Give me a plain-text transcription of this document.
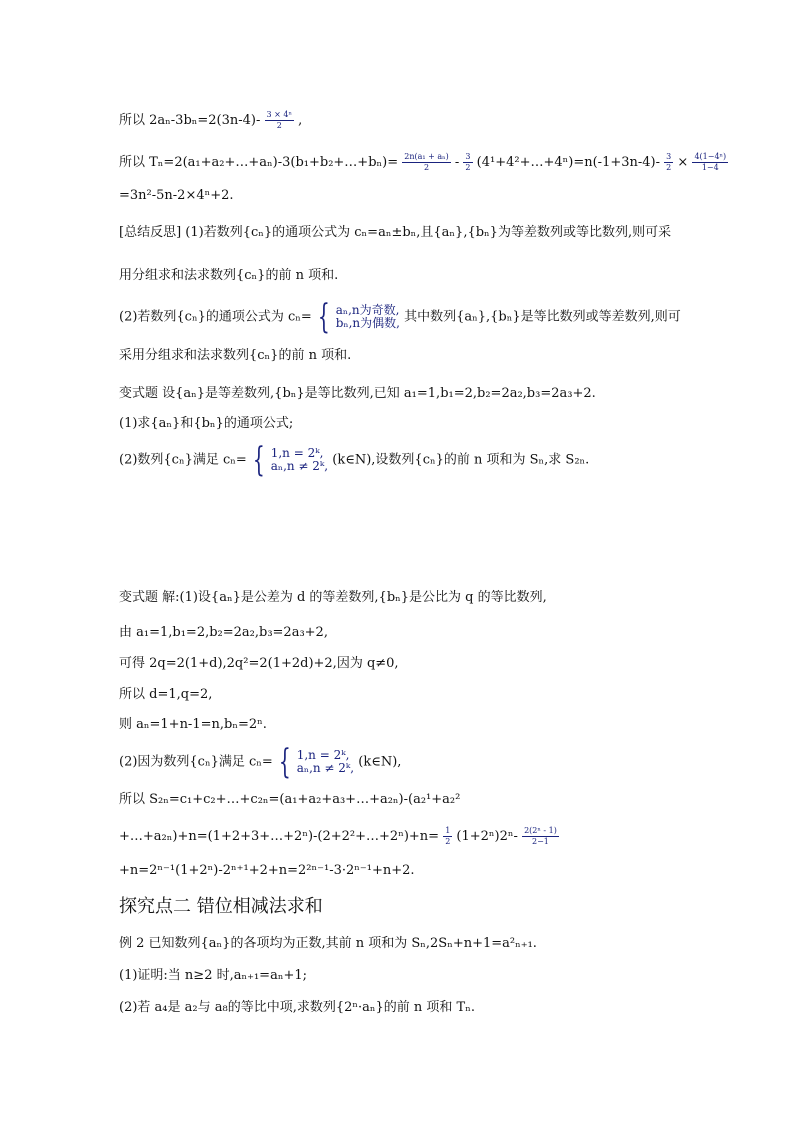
所以 $2a_n-3b_n=2(3n-4)- \frac{\text{3 × 4ⁿ}}{2}$ ,
所以 Tₙ=2(a₁+a₂+…+aₙ)-3(b₁+b₂+…+bₙ)= $\frac{\text{2n(a₁ + aₙ)}}{2} - \frac{3}{2}$ (4¹+4²+…+4ⁿ)=n(-1+3n-4)- $\frac{3}{2} \times \frac{\text{4(1−4ⁿ)}}{1-4}$
=3n²-5n-2×4ⁿ+2.
[总结反思] (1)若数列{cₙ}的通项公式为 cₙ=aₙ±bₙ,且{aₙ},{bₙ}为等差数列或等比数列,则可采
用分组求和法求数列{cₙ}的前 n 项和.
(2)若数列{cₙ}的通项公式为 cₙ= { aₙ,n为奇数,
bₙ,n为偶数, 其中数列{aₙ},{bₙ}是等比数列或等差数列,则可
采用分组求和法求数列{cₙ}的前 n 项和.
变式题 设{aₙ}是等差数列,{bₙ}是等比数列,已知 a₁=1,b₁=2,b₂=2a₂,b₃=2a₃+2.
(1)求{aₙ}和{bₙ}的通项公式;
(2)数列{cₙ}满足 cₙ= { 1,n = 2ᵏ,
aₙ,n ≠ 2ᵏ, (k∈N),设数列{cₙ}的前 n 项和为 Sₙ,求 S₂ₙ.
变式题 解:(1)设{aₙ}是公差为 d 的等差数列,{bₙ}是公比为 q 的等比数列,
由 a₁=1,b₁=2,b₂=2a₂,b₃=2a₃+2,
可得 2q=2(1+d),2q²=2(1+2d)+2,因为 q≠0,
所以 d=1,q=2,
则 aₙ=1+n-1=n,bₙ=2ⁿ.
(2)因为数列{cₙ}满足 cₙ= { 1,n = 2ᵏ,
aₙ,n ≠ 2ᵏ, (k∈N),
所以 S₂ₙ=c₁+c₂+…+c₂ₙ=(a₁+a₂+a₃+…+a₂ₙ)-(a₂¹+a₂²
+…+a₂ₙ)+n=(1+2+3+…+2ⁿ)-(2+2²+…+2ⁿ)+n= $\frac{1}{2} (1+2^n)2^n- \frac{\text{2(2ⁿ - 1)}}{2-1}$
+n=2ⁿ⁻¹(1+2ⁿ)-2ⁿ⁺¹+2+n=2²ⁿ⁻¹-3·2ⁿ⁻¹+n+2.
探究点二 错位相减法求和
例 2 已知数列{aₙ}的各项均为正数,其前 n 项和为 Sₙ,2Sₙ+n+1=a²ₙ₊₁.
(1)证明:当 n≥2 时,aₙ₊₁=aₙ+1;
(2)若 a₄是 a₂与 a₈的等比中项,求数列{2ⁿ·aₙ}的前 n 项和 Tₙ.
